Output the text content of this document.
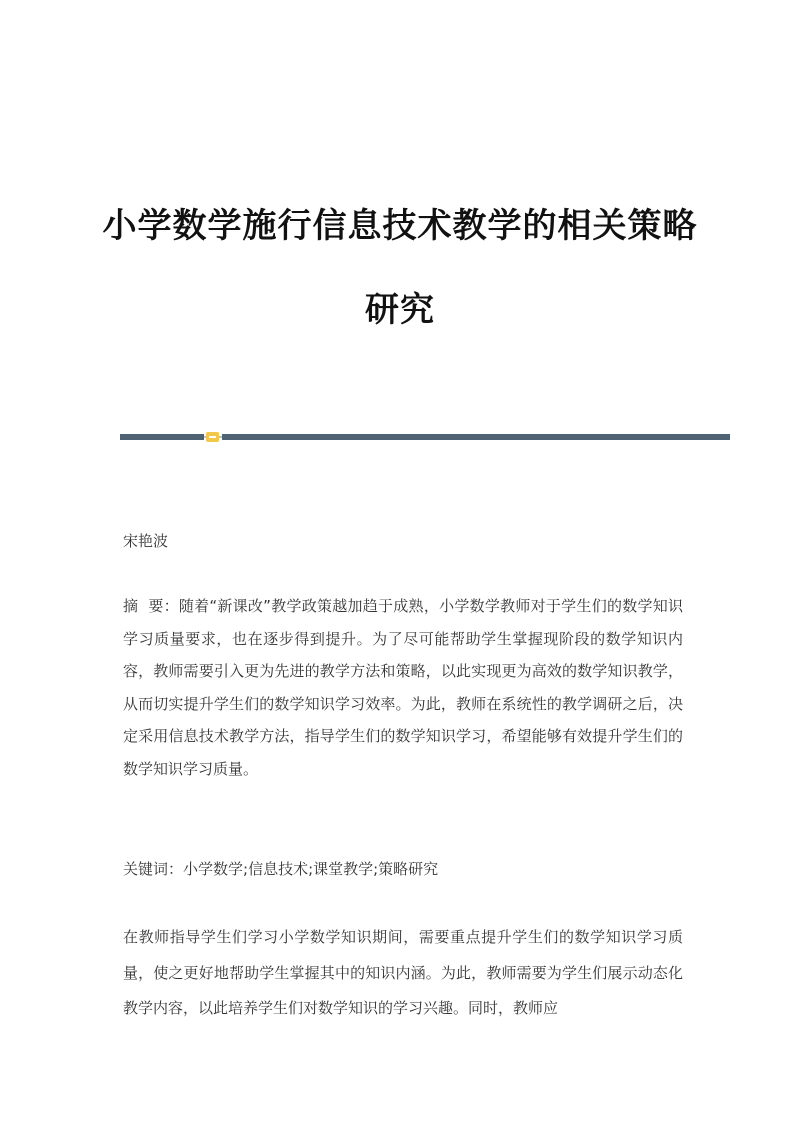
小学数学施行信息技术教学的相关策略
研究
宋艳波
摘  要：随着“新课改”教学政策越加趋于成熟，小学数学教师对于学生们的数学知识学习质量要求，也在逐步得到提升。为了尽可能帮助学生掌握现阶段的数学知识内容，教师需要引入更为先进的教学方法和策略，以此实现更为高效的数学知识教学，从而切实提升学生们的数学知识学习效率。为此，教师在系统性的教学调研之后，决定采用信息技术教学方法，指导学生们的数学知识学习，希望能够有效提升学生们的数学知识学习质量。
关键词：小学数学;信息技术;课堂教学;策略研究
在教师指导学生们学习小学数学知识期间，需要重点提升学生们的数学知识学习质量，使之更好地帮助学生掌握其中的知识内涵。为此，教师需要为学生们展示动态化教学内容，以此培养学生们对数学知识的学习兴趣。同时，教师应
